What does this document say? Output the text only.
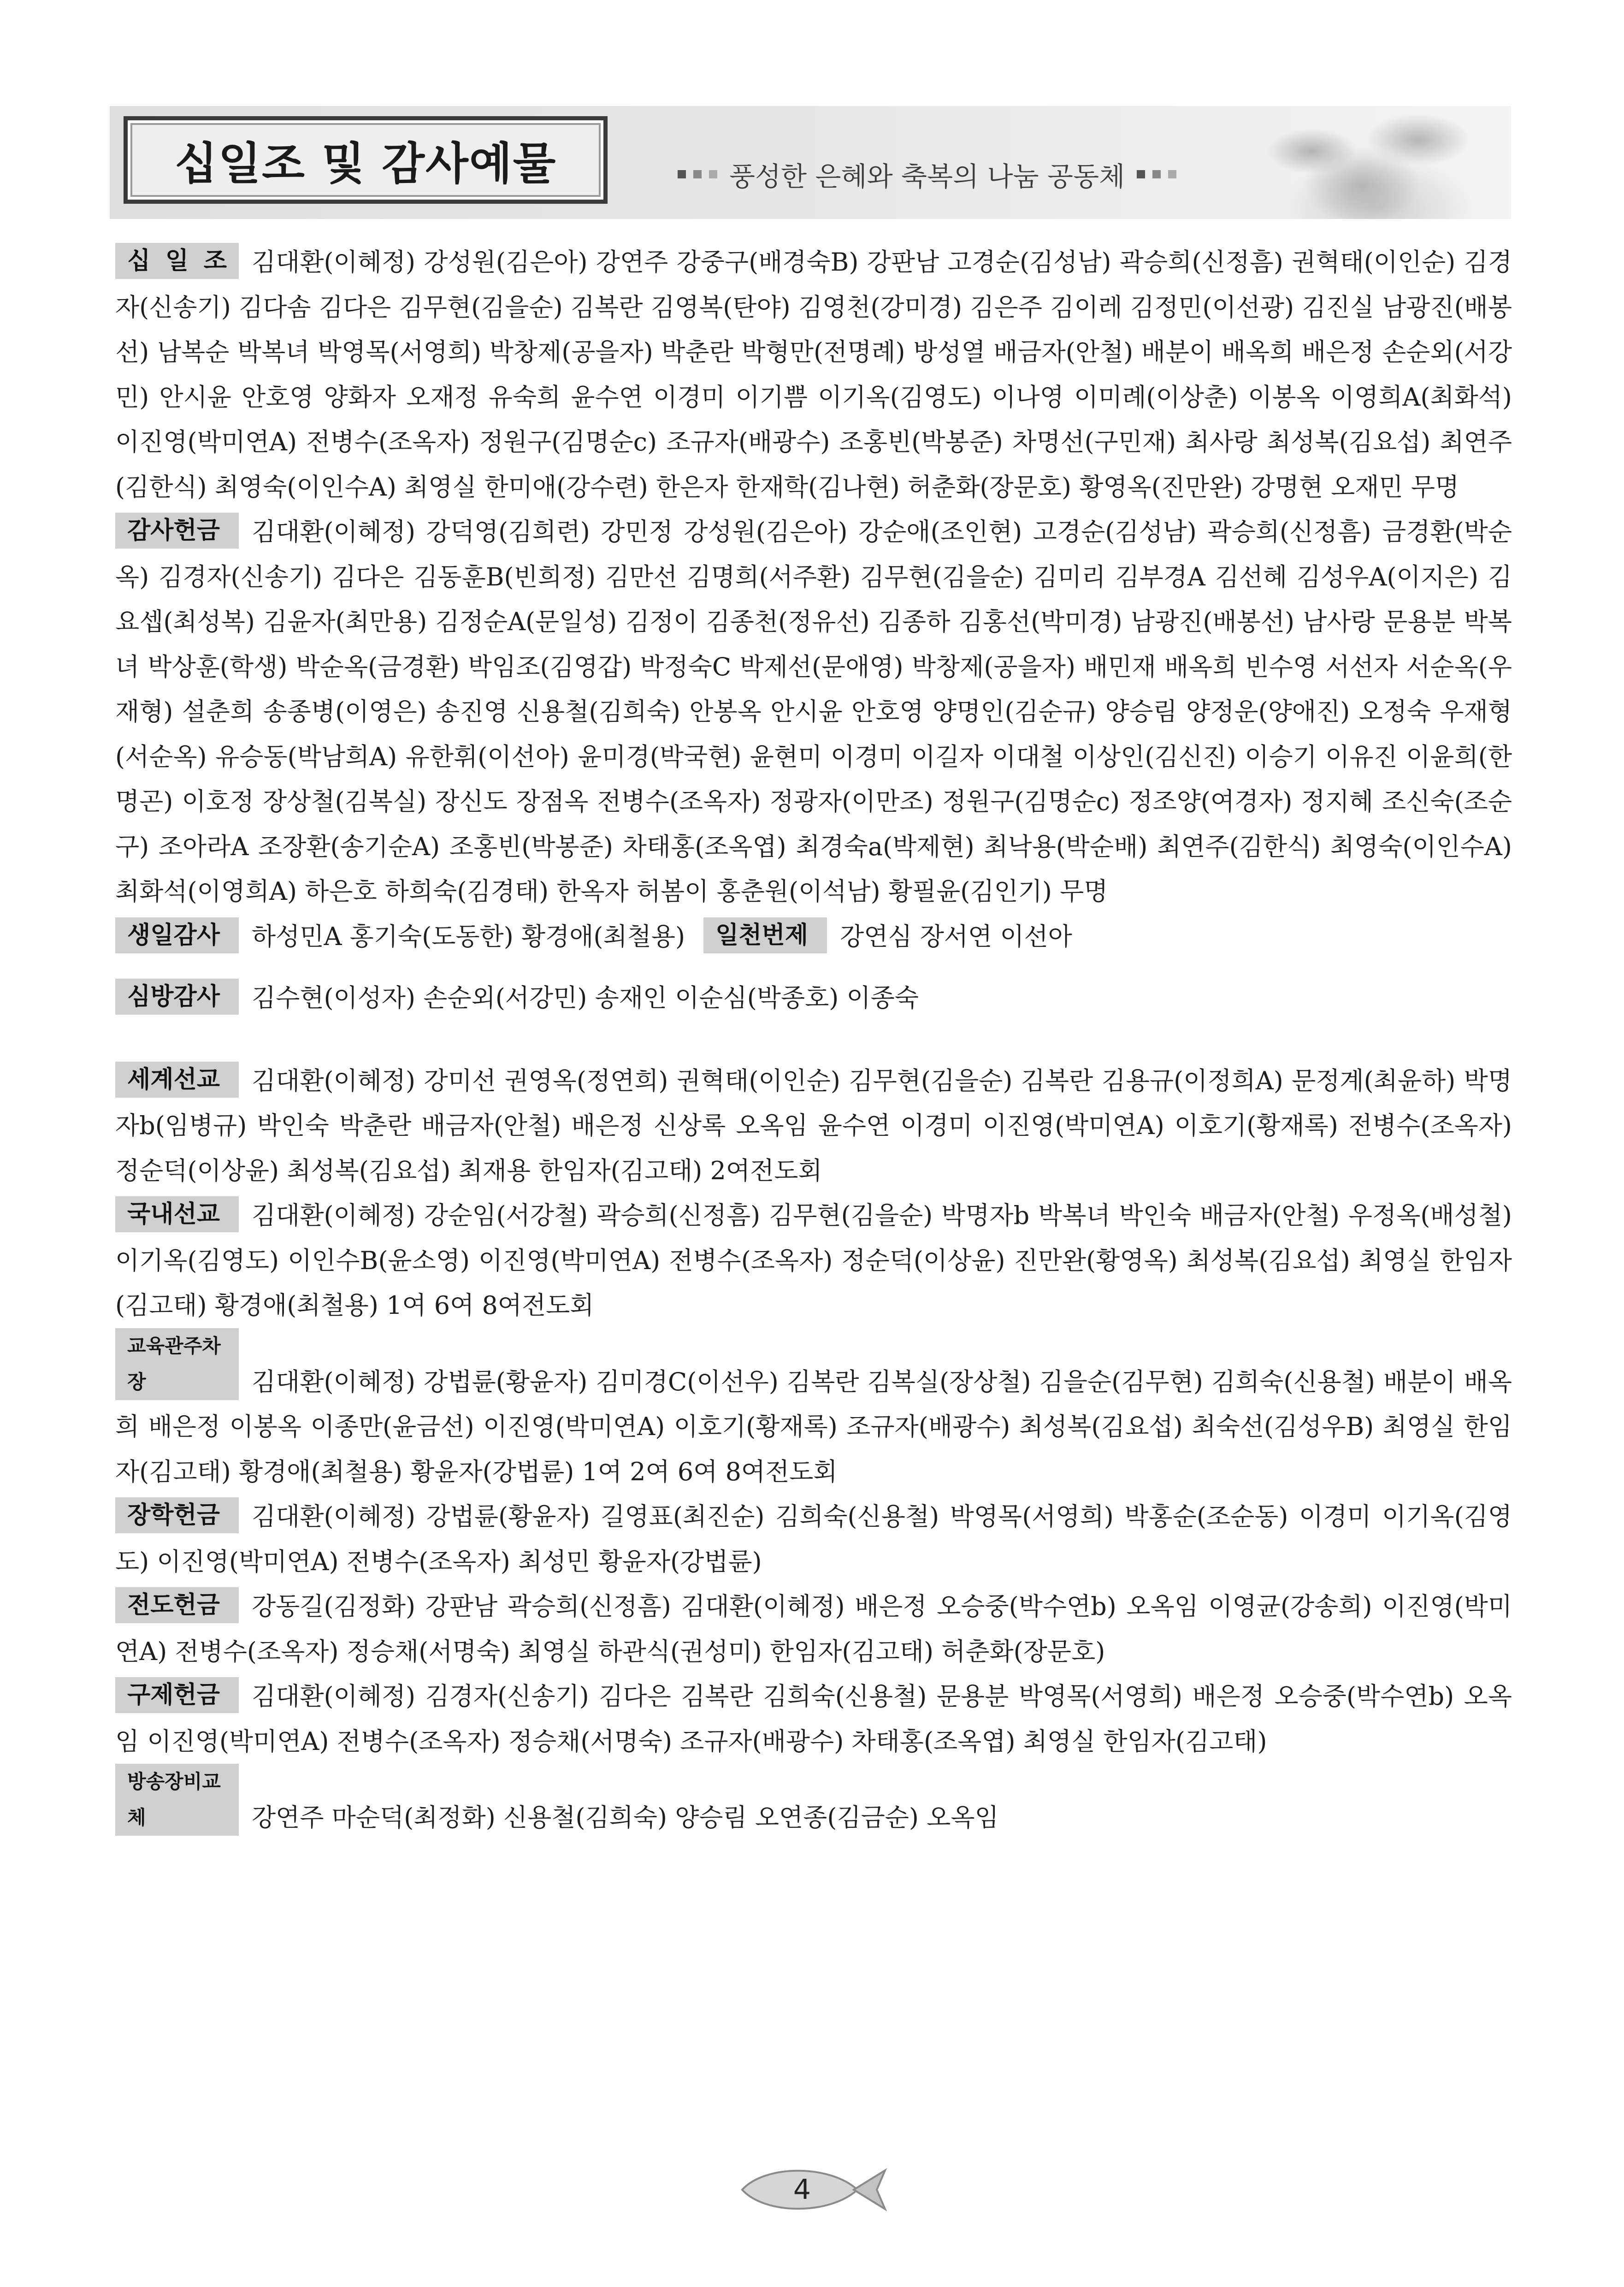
십일조 및 감사예물	풍성한 은혜와 축복의 나눔 공동체

십 일 조 김대환(이혜정) 강성원(김은아) 강연주 강중구(배경숙B) 강판남 고경순(김성남) 곽승희(신정흠) 권혁태(이인순) 김경자(신송기) 김다솜 김다은 김무현(김을순) 김복란 김영복(탄야) 김영천(강미경) 김은주 김이레 김정민(이선광) 김진실 남광진(배봉선) 남복순 박복녀 박영목(서영희) 박창제(공을자) 박춘란 박형만(전명례) 방성열 배금자(안철) 배분이 배옥희 배은정 손순외(서강민) 안시윤 안호영 양화자 오재정 유숙희 윤수연 이경미 이기쁨 이기옥(김영도) 이나영 이미례(이상춘) 이봉옥 이영희A(최화석) 이진영(박미연A) 전병수(조옥자) 정원구(김명순c) 조규자(배광수) 조홍빈(박봉준) 차명선(구민재) 최사랑 최성복(김요섭) 최연주(김한식) 최영숙(이인수A) 최영실 한미애(강수련) 한은자 한재학(김나현) 허춘화(장문호) 황영옥(진만완) 강명현 오재민 무명

감사헌금 김대환(이혜정) 강덕영(김희련) 강민정 강성원(김은아) 강순애(조인현) 고경순(김성남) 곽승희(신정흠) 금경환(박순옥) 김경자(신송기) 김다은 김동훈B(빈희정) 김만선 김명희(서주환) 김무현(김을순) 김미리 김부경A 김선혜 김성우A(이지은) 김요셉(최성복) 김윤자(최만용) 김정순A(문일성) 김정이 김종천(정유선) 김종하 김홍선(박미경) 남광진(배봉선) 남사랑 문용분 박복녀 박상훈(학생) 박순옥(금경환) 박임조(김영갑) 박정숙C 박제선(문애영) 박창제(공을자) 배민재 배옥희 빈수영 서선자 서순옥(우재형) 설춘희 송종병(이영은) 송진영 신용철(김희숙) 안봉옥 안시윤 안호영 양명인(김순규) 양승림 양정운(양애진) 오정숙 우재형(서순옥) 유승동(박남희A) 유한휘(이선아) 윤미경(박국현) 윤현미 이경미 이길자 이대철 이상인(김신진) 이승기 이유진 이윤희(한명곤) 이호정 장상철(김복실) 장신도 장점옥 전병수(조옥자) 정광자(이만조) 정원구(김명순c) 정조양(여경자) 정지혜 조신숙(조순구) 조아라A 조장환(송기순A) 조홍빈(박봉준) 차태홍(조옥엽) 최경숙a(박제현) 최낙용(박순배) 최연주(김한식) 최영숙(이인수A) 최화석(이영희A) 하은호 하희숙(김경태) 한옥자 허봄이 홍춘원(이석남) 황필윤(김인기) 무명

생일감사 하성민A 홍기숙(도동한) 황경애(최철용) 일천번제 강연심 장서연 이선아

심방감사 김수현(이성자) 손순외(서강민) 송재인 이순심(박종호) 이종숙

세계선교 김대환(이혜정) 강미선 권영옥(정연희) 권혁태(이인순) 김무현(김을순) 김복란 김용규(이정희A) 문정계(최윤하) 박명자b(임병규) 박인숙 박춘란 배금자(안철) 배은정 신상록 오옥임 윤수연 이경미 이진영(박미연A) 이호기(황재록) 전병수(조옥자) 정순덕(이상윤) 최성복(김요섭) 최재용 한임자(김고태) 2여전도회

국내선교 김대환(이혜정) 강순임(서강철) 곽승희(신정흠) 김무현(김을순) 박명자b 박복녀 박인숙 배금자(안철) 우정옥(배성철) 이기옥(김영도) 이인수B(윤소영) 이진영(박미연A) 전병수(조옥자) 정순덕(이상윤) 진만완(황영옥) 최성복(김요섭) 최영실 한임자(김고태) 황경애(최철용) 1여 6여 8여전도회

교육관주차장	김대환(이혜정) 강법륜(황윤자) 김미경C(이선우) 김복란 김복실(장상철) 김을순(김무현) 김희숙(신용철) 배분이 배옥희 배은정 이봉옥 이종만(윤금선) 이진영(박미연A) 이호기(황재록) 조규자(배광수) 최성복(김요섭) 최숙선(김성우B) 최영실 한임자(김고태) 황경애(최철용) 황윤자(강법륜) 1여 2여 6여 8여전도회

장학헌금 김대환(이혜정) 강법륜(황윤자) 길영표(최진순) 김희숙(신용철) 박영목(서영희) 박홍순(조순동) 이경미 이기옥(김영도) 이진영(박미연A) 전병수(조옥자) 최성민 황윤자(강법륜)

전도헌금 강동길(김정화) 강판남 곽승희(신정흠) 김대환(이혜정) 배은정 오승중(박수연b) 오옥임 이영균(강송희) 이진영(박미연A) 전병수(조옥자) 정승채(서명숙) 최영실 하관식(권성미) 한임자(김고태) 허춘화(장문호)

구제헌금 김대환(이혜정) 김경자(신송기) 김다은 김복란 김희숙(신용철) 문용분 박영목(서영희) 배은정 오승중(박수연b) 오옥임 이진영(박미연A) 전병수(조옥자) 정승채(서명숙) 조규자(배광수) 차태홍(조옥엽) 최영실 한임자(김고태)

방송장비교체	강연주 마순덕(최정화) 신용철(김희숙) 양승림 오연종(김금순) 오옥임

4
